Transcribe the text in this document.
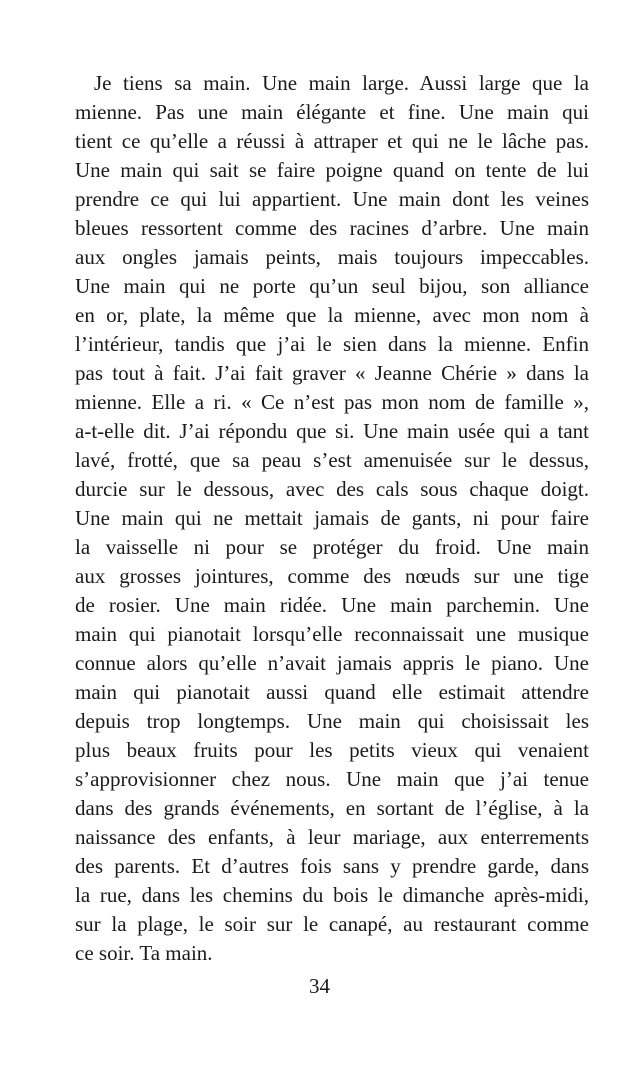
Je tiens sa main. Une main large. Aussi large que la
mienne. Pas une main élégante et fine. Une main qui
tient ce qu’elle a réussi à attraper et qui ne le lâche pas.
Une main qui sait se faire poigne quand on tente de lui
prendre ce qui lui appartient. Une main dont les veines
bleues ressortent comme des racines d’arbre. Une main
aux ongles jamais peints, mais toujours impeccables.
Une main qui ne porte qu’un seul bijou, son alliance
en or, plate, la même que la mienne, avec mon nom à
l’intérieur, tandis que j’ai le sien dans la mienne. Enfin
pas tout à fait. J’ai fait graver « Jeanne Chérie » dans la
mienne. Elle a ri. « Ce n’est pas mon nom de famille »,
a-t-elle dit. J’ai répondu que si. Une main usée qui a tant
lavé, frotté, que sa peau s’est amenuisée sur le dessus,
durcie sur le dessous, avec des cals sous chaque doigt.
Une main qui ne mettait jamais de gants, ni pour faire
la vaisselle ni pour se protéger du froid. Une main
aux grosses jointures, comme des nœuds sur une tige
de rosier. Une main ridée. Une main parchemin. Une
main qui pianotait lorsqu’elle reconnaissait une musique
connue alors qu’elle n’avait jamais appris le piano. Une
main qui pianotait aussi quand elle estimait attendre
depuis trop longtemps. Une main qui choisissait les
plus beaux fruits pour les petits vieux qui venaient
s’approvisionner chez nous. Une main que j’ai tenue
dans des grands événements, en sortant de l’église, à la
naissance des enfants, à leur mariage, aux enterrements
des parents. Et d’autres fois sans y prendre garde, dans
la rue, dans les chemins du bois le dimanche après-midi,
sur la plage, le soir sur le canapé, au restaurant comme
ce soir. Ta main.
34
